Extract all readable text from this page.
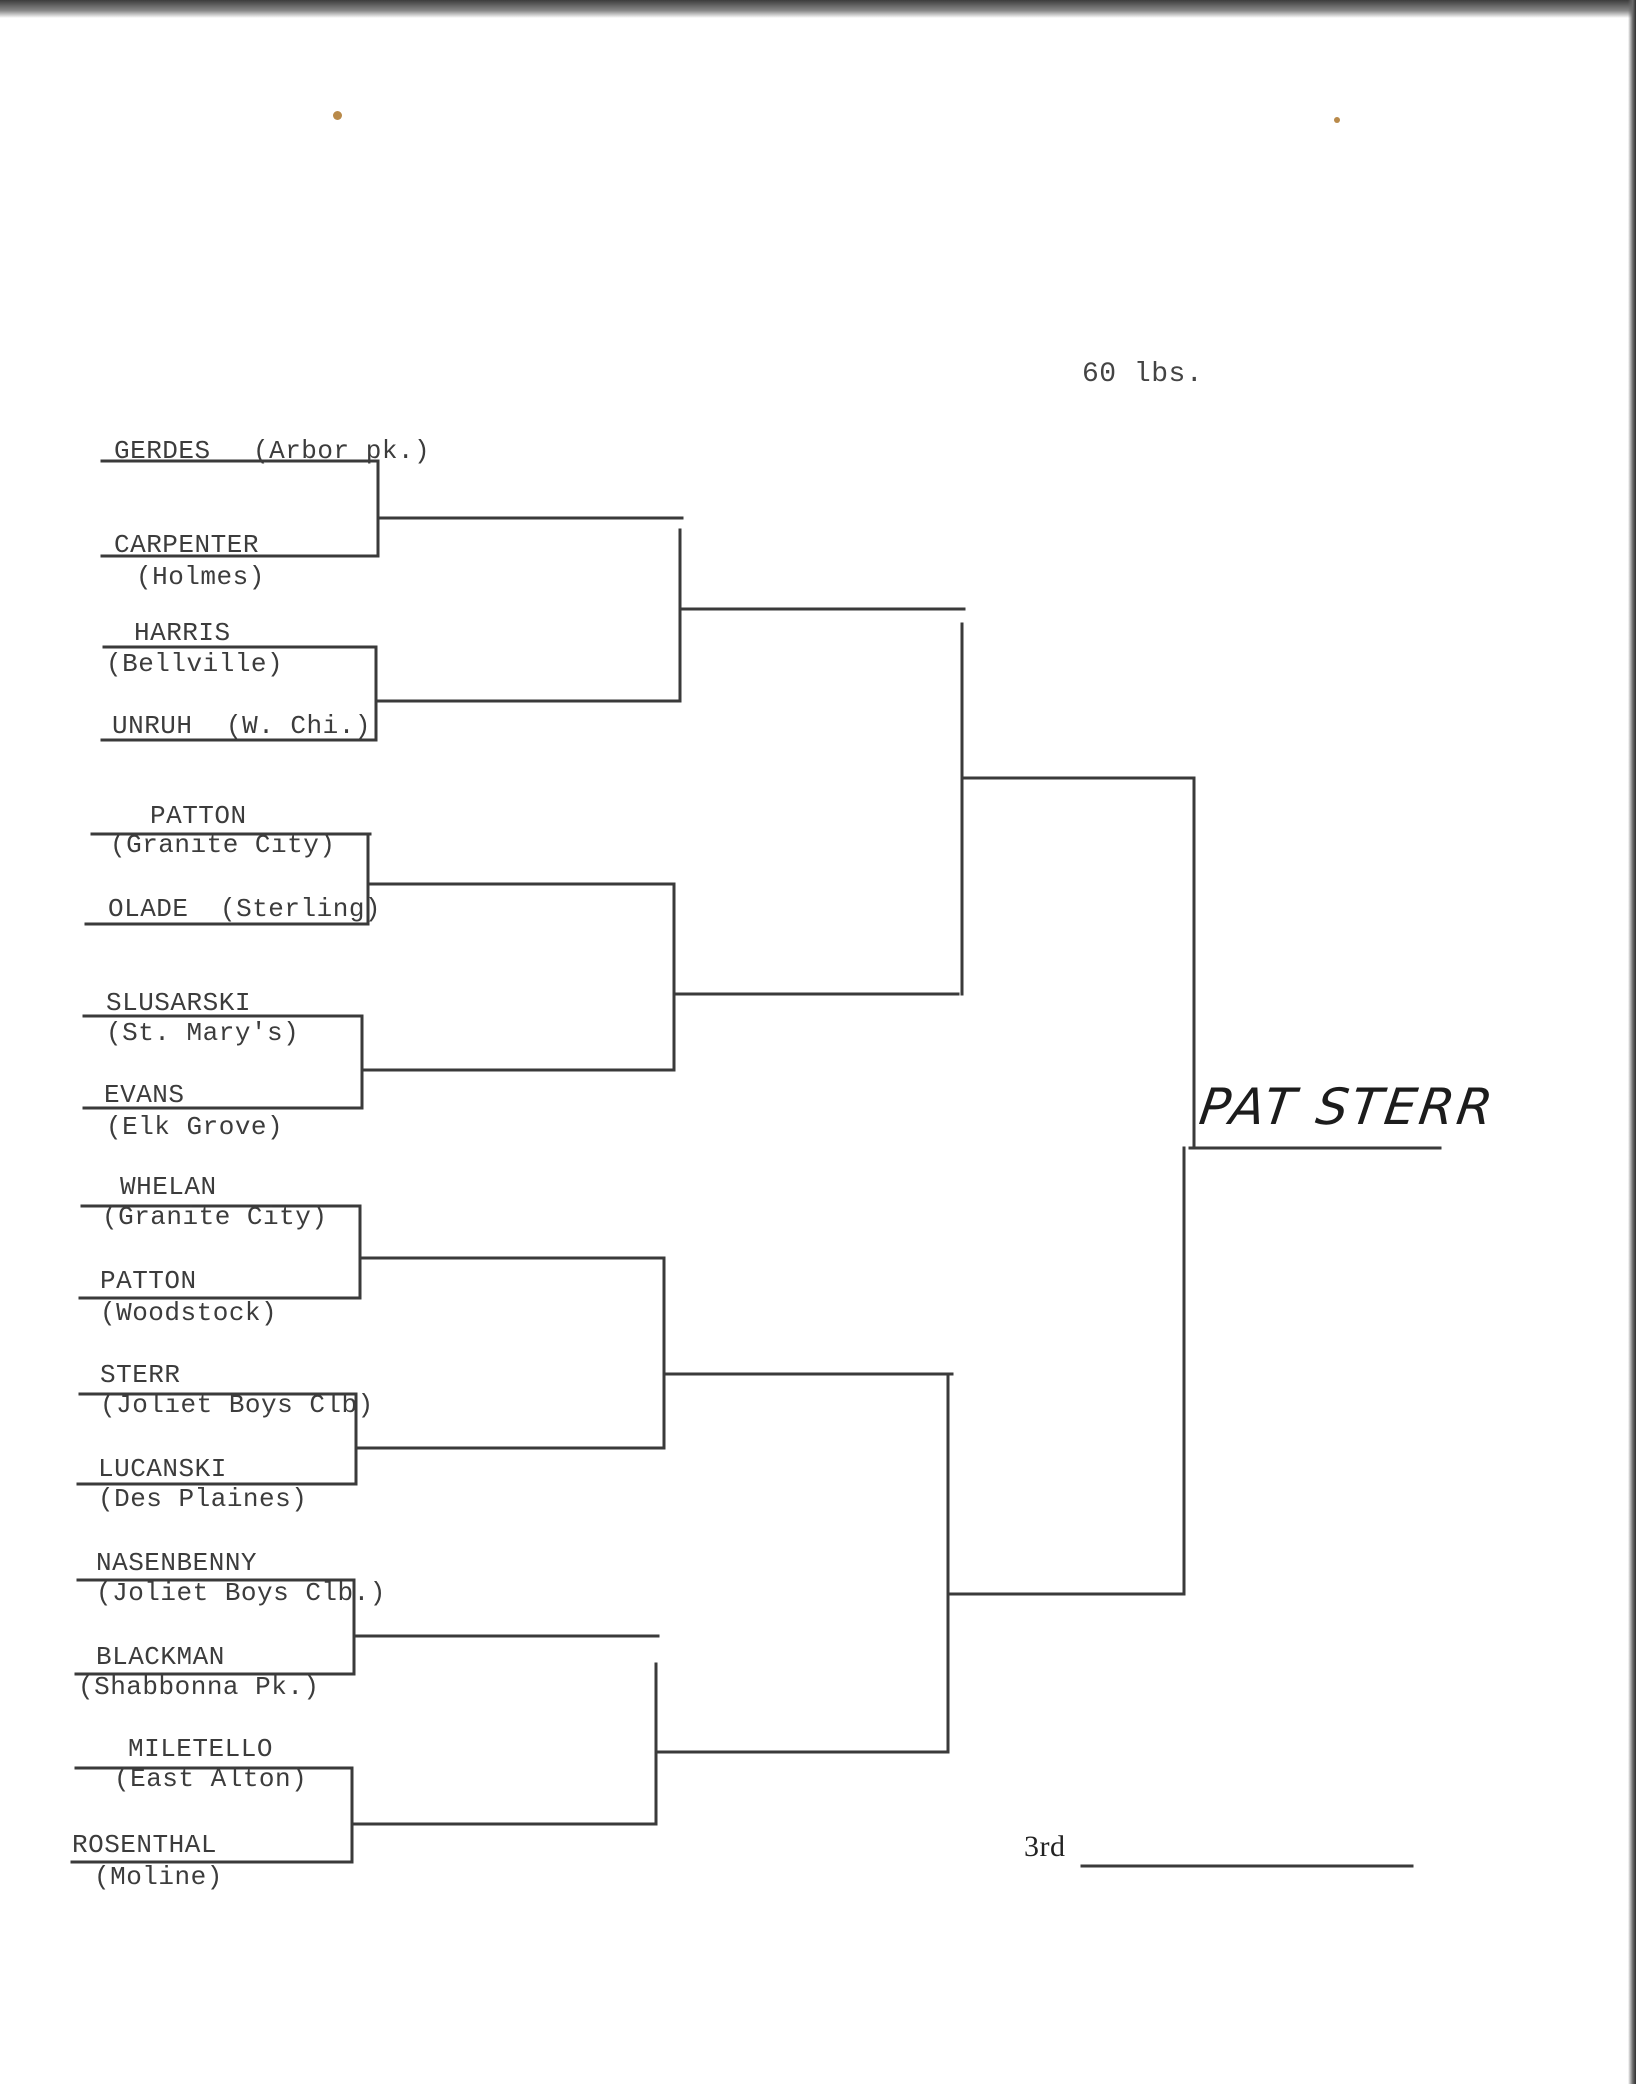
60 lbs.
GERDES (Arbor pk.)
CARPENTER
(Holmes)
HARRIS
(Bellville)
UNRUH (W. Chi.)
PATTON
(Granite City)
OLADE (Sterling)
SLUSARSKI
(St. Mary's)
EVANS
(Elk Grove)
WHELAN
(Granite City)
PATTON
(Woodstock)
STERR
(Joliet Boys Clb)
LUCANSKI
(Des Plaines)
NASENBENNY
(Joliet Boys Clb.)
BLACKMAN
(Shabbonna Pk.)
MILETELLO
(East Alton)
ROSENTHAL
(Moline)
PAT STERR
3rd
